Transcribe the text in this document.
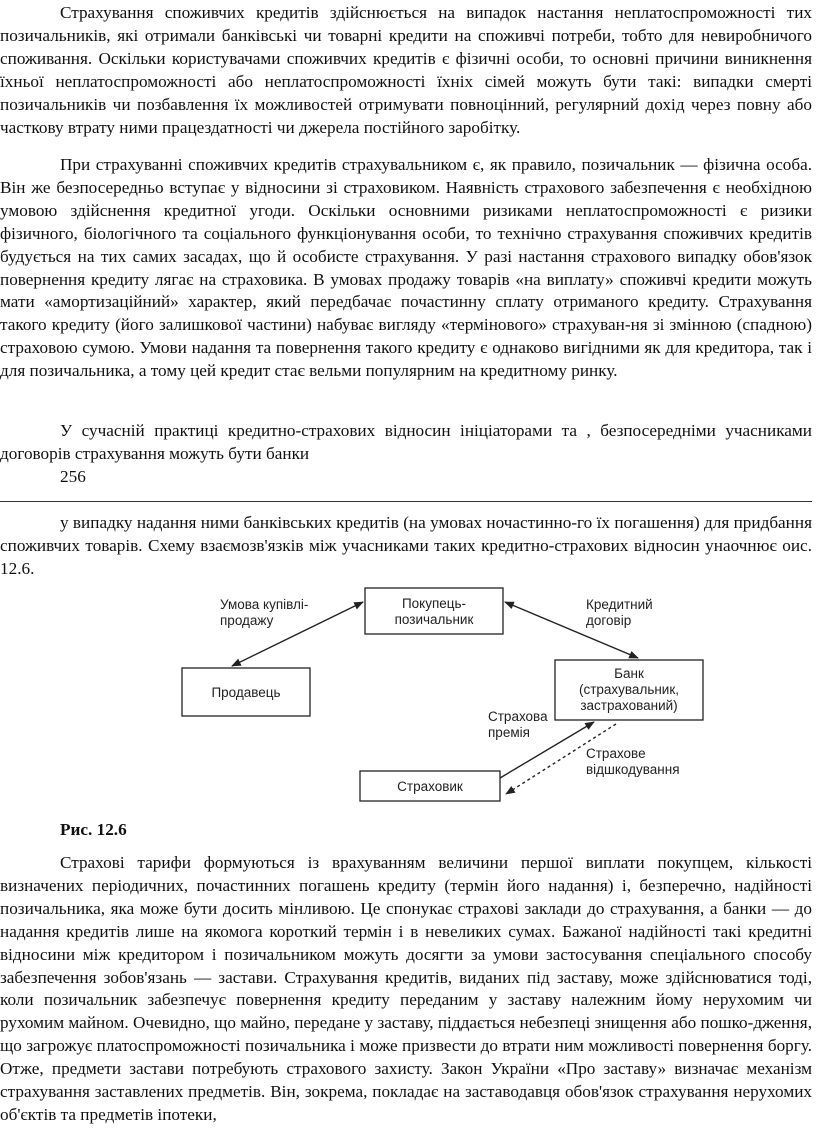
Страхування споживчих кредитів здійснюється на випадок настання неплатоспроможності тих позичальників, які отримали банківські чи товарні кредити на споживчі потреби, тобто для невиробничого споживання. Оскільки користувачами споживчих кредитів є фізичні особи, то основні причини виникнення їхньої неплатоспроможності або неплатоспроможності їхніх сімей можуть бути такі: випадки смерті позичальників чи позбавлення їх можливостей отримувати повноцінний, регулярний дохід через повну або часткову втрату ними працездатності чи джерела постійного заробітку.

При страхуванні споживчих кредитів страхувальником є, як правило, позичальник — фізична особа. Він же безпосередньо вступає у відносини зі страховиком. Наявність страхового забезпечення є необхідною умовою здійснення кредитної угоди. Оскільки основними ризиками неплатоспроможності є ризики фізичного, біологічного та соціального функціонування особи, то технічно страхування споживчих кредитів будується на тих самих засадах, що й особисте страхування. У разі настання страхового випадку обов'язок повернення кредиту лягає на страховика. В умовах продажу товарів «на виплату» споживчі кредити можуть мати «амортизаційний» характер, який передбачає почастинну сплату отриманого кредиту. Страхування такого кредиту (його залишкової частини) набуває вигляду «термінового» страхуван-ня зі змінною (спадною) страховою сумою. Умови надання та повернення такого кредиту є однаково вигідними як для кредитора, так і для позичальника, а тому цей кредит стає вельми популярним на кредитному ринку.

У сучасній практиці кредитно-страхових відносин ініціаторами та , безпосередніми учасниками договорів страхування можуть бути банки

256

у випадку надання ними банківських кредитів (на умовах ночастинно-го їх погашення) для придбання споживчих товарів. Схему взаємозв'язків між учасниками таких кредитно-страхових відносин унаочнює оис. 12.6.

Покупець-
позичальник
Продавець
Банк
(страхувальник,
застрахований)
Страховик
Умова купівлі-
продажу
Кредитний
договір
Страхова
премія
Страхове
відшкодування
Рис. 12.6

Страхові тарифи формуються із врахуванням величини першої виплати покупцем, кількості визначених періодичних, почастинних погашень кредиту (термін його надання) і, безперечно, надійності позичальника, яка може бути досить мінливою. Це спонукає страхові заклади до страхування, а банки — до надання кредитів лише на якомога короткий термін і в невеликих сумах. Бажаної надійності такі кредитні відносини між кредитором і позичальником можуть досягти за умови застосування спеціального способу забезпечення зобов'язань — застави. Страхування кредитів, виданих під заставу, може здійснюватися тоді, коли позичальник забезпечує повернення кредиту переданим у заставу належним йому нерухомим чи рухомим майном. Очевидно, що майно, передане у заставу, піддається небезпеці знищення або пошко-дження, що загрожує платоспроможності позичальника і може призвести до втрати ним можливості повернення боргу. Отже, предмети застави потребують страхового захисту. Закон України «Про заставу» визначає механізм страхування заставлених предметів. Він, зокрема, покладає на заставодавця обов'язок страхування нерухомих об'єктів та предметів іпотеки,
